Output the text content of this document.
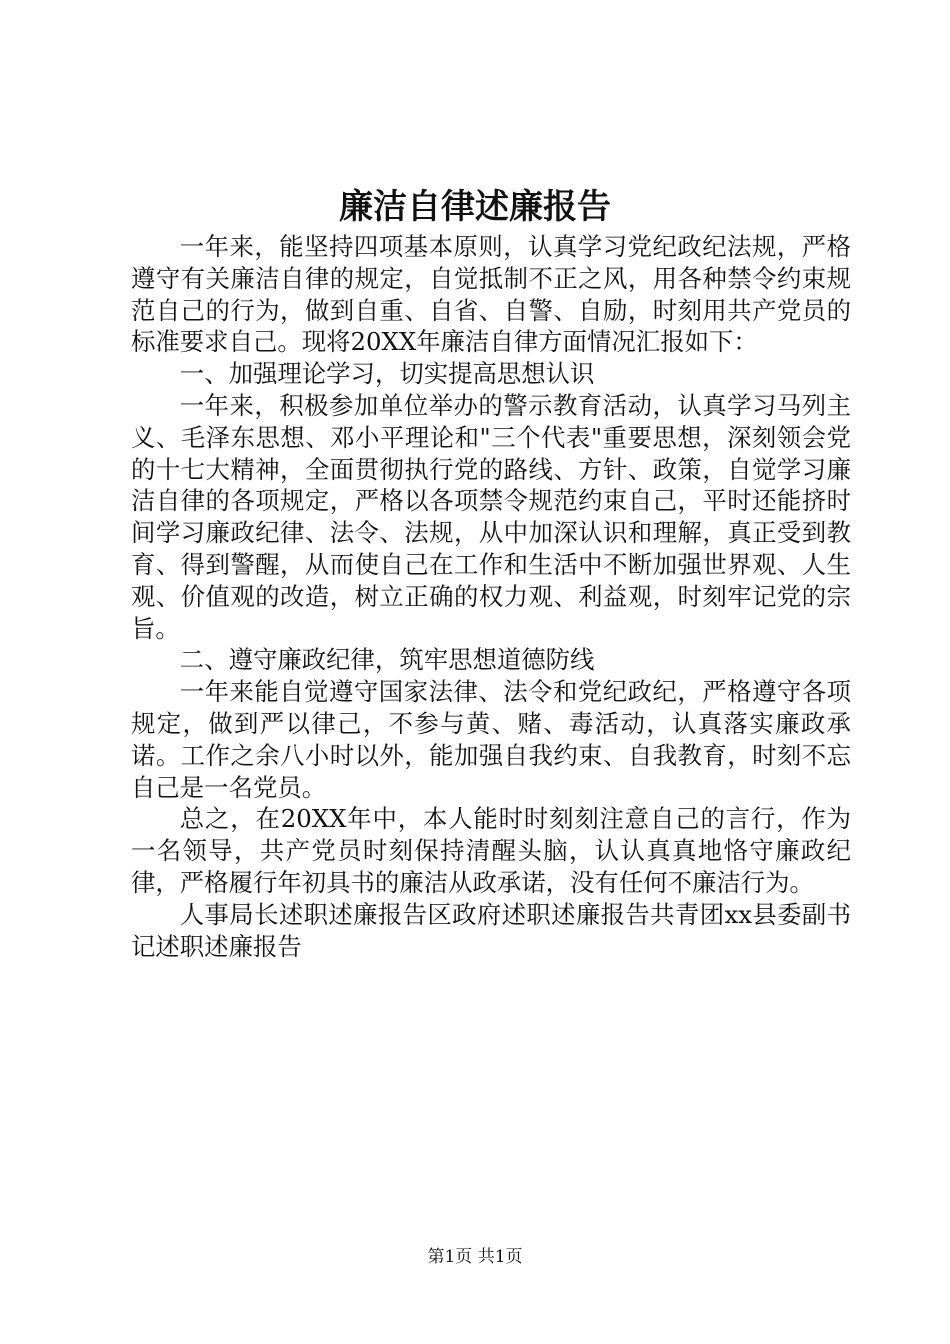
廉洁自律述廉报告

一年来，能坚持四项基本原则，认真学习党纪政纪法规，严格遵守有关廉洁自律的规定，自觉抵制不正之风，用各种禁令约束规范自己的行为，做到自重、自省、自警、自励，时刻用共产党员的标准要求自己。现将20XX年廉洁自律方面情况汇报如下：

一、加强理论学习，切实提高思想认识

一年来，积极参加单位举办的警示教育活动，认真学习马列主义、毛泽东思想、邓小平理论和"三个代表"重要思想，深刻领会党的十七大精神，全面贯彻执行党的路线、方针、政策，自觉学习廉洁自律的各项规定，严格以各项禁令规范约束自己，平时还能挤时间学习廉政纪律、法令、法规，从中加深认识和理解，真正受到教育、得到警醒，从而使自己在工作和生活中不断加强世界观、人生观、价值观的改造，树立正确的权力观、利益观，时刻牢记党的宗旨。

二、遵守廉政纪律，筑牢思想道德防线

一年来能自觉遵守国家法律、法令和党纪政纪，严格遵守各项规定，做到严以律己，不参与黄、赌、毒活动，认真落实廉政承诺。工作之余八小时以外，能加强自我约束、自我教育，时刻不忘自己是一名党员。

总之，在20XX年中，本人能时时刻刻注意自己的言行，作为一名领导，共产党员时刻保持清醒头脑，认认真真地恪守廉政纪律，严格履行年初具书的廉洁从政承诺，没有任何不廉洁行为。

人事局长述职述廉报告区政府述职述廉报告共青团xx县委副书记述职述廉报告

第1页 共1页
